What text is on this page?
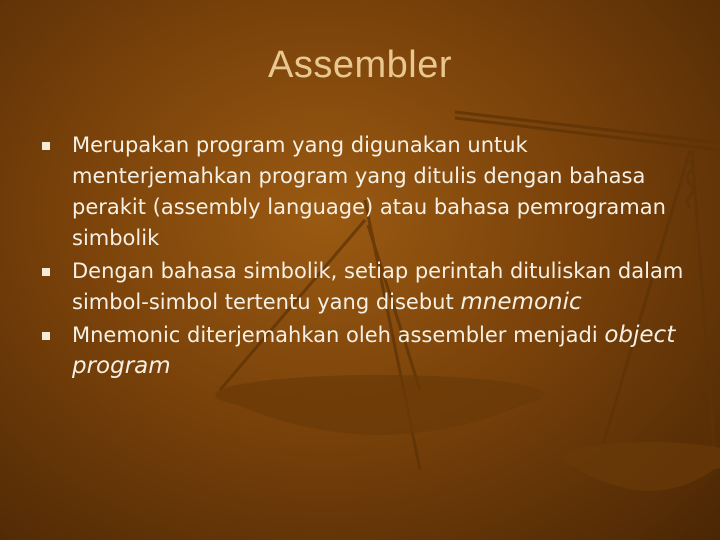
Assembler
Merupakan program yang digunakan untuk menterjemahkan program yang ditulis dengan bahasa perakit (assembly language) atau bahasa pemrograman simbolik
Dengan bahasa simbolik, setiap perintah dituliskan dalam simbol-simbol tertentu yang disebut mnemonic
Mnemonic diterjemahkan oleh assembler menjadi object program
